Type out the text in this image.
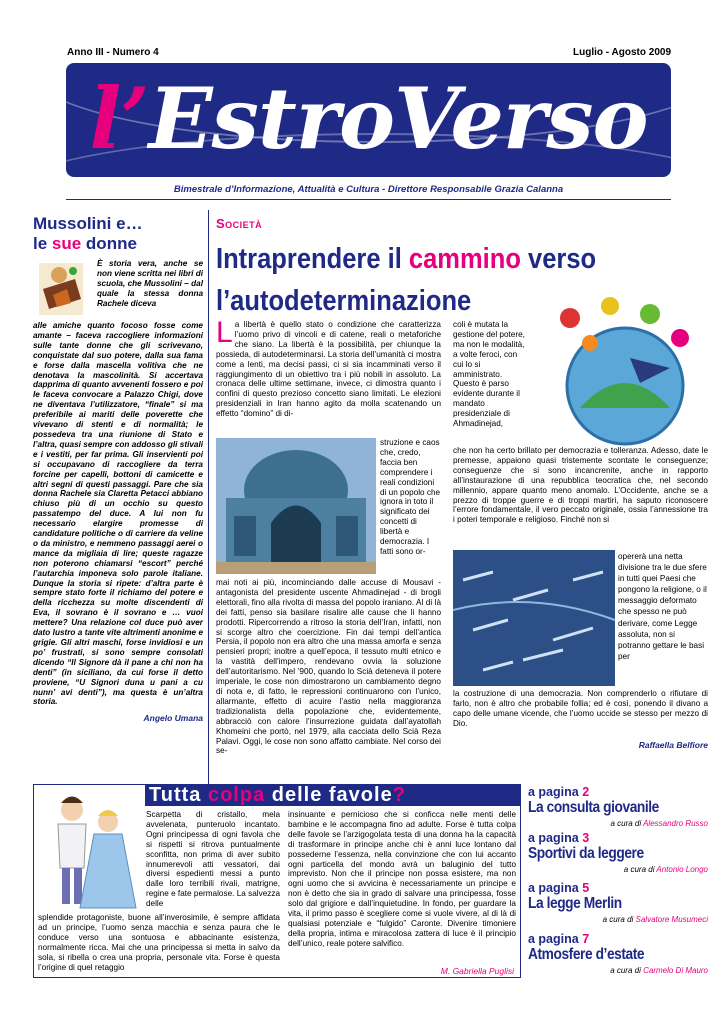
Anno III - Numero 4	Luglio - Agosto 2009
l’EstroVerso
Bimestrale d’Informazione, Attualità e Cultura - Direttore Responsabile Grazia Calanna
Mussolini e…
le sue donne
È storia vera, anche se non viene scritta nei libri di scuola, che Mussolini – dal quale la stessa donna Rachele diceva
alle amiche quanto focoso fosse come amante – faceva raccogliere informazioni sulle tante donne che gli scrivevano, conquistate dal suo potere, dalla sua fama e forse dalla mascella volitiva che ne denotava la mascolinità. Si accertava dapprima di quanto avvenenti fossero e poi le faceva convocare a Palazzo Chigi, dove ne diventava l’utilizzatore, “finale” si ma preferibile ai mariti delle poverette che vivevano di stenti e di normalità; le possedeva tra una riunione di Stato e l’altra, quasi sempre con addosso gli stivali e i vestiti, per far prima. Gli inservienti poi si occupavano di raccogliere da terra forcine per capelli, bottoni di camicette e altri segni di questi passaggi. Pare che sia donna Rachele sia Claretta Petacci abbiano chiuso più di un occhio su questo passatempo del duce. A lui non fu necessario elargire promesse di candidature politiche o di carriere da veline o da ministro, e nemmeno passaggi aerei o mance da migliaia di lire; queste ragazze non poterono chiamarsi “escort” perché l’autarchia imponeva solo parole italiane. Dunque la storia si ripete: d’altra parte è sempre stato forte il richiamo del potere e della ricchezza su molte discendenti di Eva, il sovrano è il sovrano e … vuoi mettere? Una relazione col duce può aver dato lustro a tante vite altrimenti anonime e grigie. Gli altri maschi, forse invidiosi e un po’ frustrati, si sono sempre consolati dicendo “Il Signore dà il pane a chi non ha denti” (in siciliano, da cui forse il detto proviene, “U Signori duna u pani a cu nunn’ avi denti”), ma questa è un’altra storia.
Angelo Umana
Società
Intraprendere il cammino verso l’autodeterminazione
La libertà è quello stato o condizione che caratterizza l’uomo privo di vincoli e di catene, reali o metaforiche che siano. La libertà è la possibilità, per chiunque la possieda, di autodeterminarsi. La storia dell’umanità ci mostra come a lenti, ma decisi passi, ci si sia incamminati verso il raggiungimento di un obiettivo tra i più nobili in assoluto. La cronaca delle ultime settimane, invece, ci dimostra quanto i confini di questo prezioso concetto siano limitati. Le elezioni presidenziali in Iran hanno agito da molla scatenando un effetto “domino” di di-
struzione e caos che, credo, faccia ben comprendere i reali condizioni di un popolo che ignora in toto il significato dei concetti di libertà e democrazia. I fatti sono or-
mai noti ai più, incominciando dalle accuse di Mousavi - antagonista del presidente uscente Ahmadinejad - di brogli elettorali, fino alla rivolta di massa del popolo iraniano. Al di là dei fatti, penso sia basilare risalire alle cause che li hanno prodotti. Ripercorrendo a ritroso la storia dell’Iran, infatti, non si scorge altro che coercizione. Fin dai tempi dell’antica Persia, il popolo non era altro che una massa amorfa e senza pensieri propri; inoltre a quell’epoca, il tessuto multi etnico e la vastità dell’impero, rendevano ovvia la soluzione dell’autoritarismo. Nel ’900, quando lo Scià deteneva il potere imperiale, le cose non dimostrarono un cambiamento degno di nota e, di fatto, le repressioni continuarono con l’unico, allarmante, effetto di acuire l’astio nella maggioranza tradizionalista della popolazione che, evidentemente, abbracciò con calore l’insurrezione guidata dall’ayatollah Khomeini che portò, nel 1979, alla cacciata dello Scià Reza Palavi. Oggi, le cose non sono affatto cambiate. Nel corso dei se-
coli è mutata la gestione del potere, ma non le modalità, a volte feroci, con cui lo si amministrato. Questo è parso evidente durante il mandato presidenziale di Ahmadinejad,
che non ha certo brillato per democrazia e tolleranza. Adesso, date le premesse, appaiono quasi tristemente scontate le conseguenze; conseguenze che si sono incancrenite, anche in rapporto all’instaurazione di una repubblica teocratica che, nel secondo millennio, appare quanto meno anomalo. L’Occidente, anche se a prezzo di troppe guerre e di troppi martiri, ha saputo riconoscere l’errore fondamentale, il vero peccato originale, ossia l’annessione tra i poteri temporale e religioso. Finché non si
opererà una netta divisione tra le due sfere in tutti quei Paesi che pongono la religione, o il messaggio deformato che spesso ne può derivare, come Legge assoluta, non si potranno gettare le basi per
la costruzione di una democrazia. Non comprenderlo o rifiutare di farlo, non è altro che probabile follia; ed è così, ponendo il divano a capo delle umane vicende, che l’uomo uccide se stesso per mezzo di Dio.
Raffaella Belfiore
Tutta colpa delle favole?
Scarpetta di cristallo, mela avvelenata, punteruolo incantato. Ogni principessa di ogni favola che si rispetti si ritrova puntualmente sconfitta, non prima di aver subito innumerevoli atti vessatori, dai diversi espedienti messi a punto dalle loro terribili rivali, matrigne, regine e fate permalose. La salvezza delle
splendide protagoniste, buone all’inverosimile, è sempre affidata ad un principe, l’uomo senza macchia e senza paura che le conduce verso una sontuosa e abbacinante esistenza, normalmente ricca. Mai che una principessa si metta in salvo da sola, si ribella o crea una propria, personale vita. Forse è questa l’origine di quel retaggio
insinuante e pernicioso che si conficca nelle menti delle bambine e le accompagna fino ad adulte. Forse è tutta colpa delle favole se l’arzigogolata testa di una donna ha la capacità di trasformare in principe anche chi è anni luce lontano dal possederne l’essenza, nella convinzione che con lui accanto ogni particella del mondo avrà un baluginio del tutto imprevisto. Non che il principe non possa esistere, ma non ogni uomo che si avvicina è necessariamente un principe e non è detto che sia in grado di salvare una principessa, fosse solo dal grigiore e dall’inquietudine. In fondo, per guardare la vita, il primo passo è scegliere come si vuole vivere, al di là di qualsiasi potenziale e “fulgido” Caronte. Divenire timoniere della propria, intima e miracolosa zattera di luce è il principio dell’unico, reale potere salvifico.
M. Gabriella Puglisi
a pagina 2
La consulta giovanile
a cura di Alessandro Russo
a pagina 3
Sportivi da leggere
a cura di Antonio Longo
a pagina 5
La legge Merlin
a cura di Salvatore Musumeci
a pagina 7
Atmosfere d’estate
a cura di Carmelo Di Mauro
